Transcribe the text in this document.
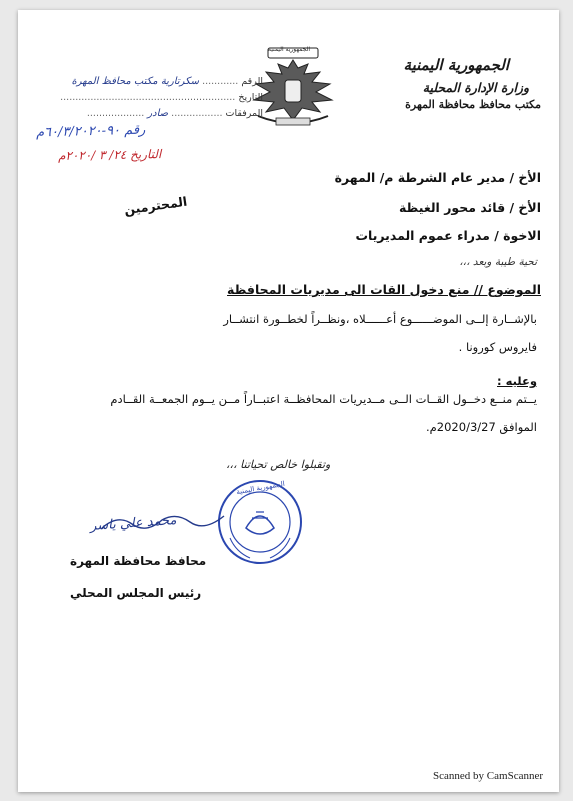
الجمهورية اليمنية
وزارة الإدارة المحلية
مكتب محافظ محافظة المهرة
الجمهورية اليمنية
الرقم ............ سكرتارية مكتب محافظ المهرة
التاريخ ..........................................................
المرفقات ................. صادر ...................
رقم ٩٠-٦٠/٣/٢٠٢٠م
التاريخ ٢٤/ ٣ /٢٠٢٠م
الأخ / مدير عام الشرطة م/ المهرة
الأخ / قائد محور الغيظة
الاخوة / مدراء عموم المديريات
المحترمين
تحية طيبة وبعد ،،،
الموضوع // منع دخول القات الى مديريات المحافظة
بالإشــارة إلــى الموضــــــوع أعــــــلاه ،ونظــراً لخطــورة انتشــار
فايروس كورونا .
وعليه :
يــتم منــع دخــول القــات الــى مــديريات المحافظــة اعتبــاراً مــن يــوم الجمعــة القــادم
الموافق 2020/3/27م.
وتقبلوا خالص تحياتنا ،،،
الجمهورية اليمنية
محمد علي ياسر
محافظ محافظة المهرة
رئيس المجلس المحلي
Scanned by CamScanner
